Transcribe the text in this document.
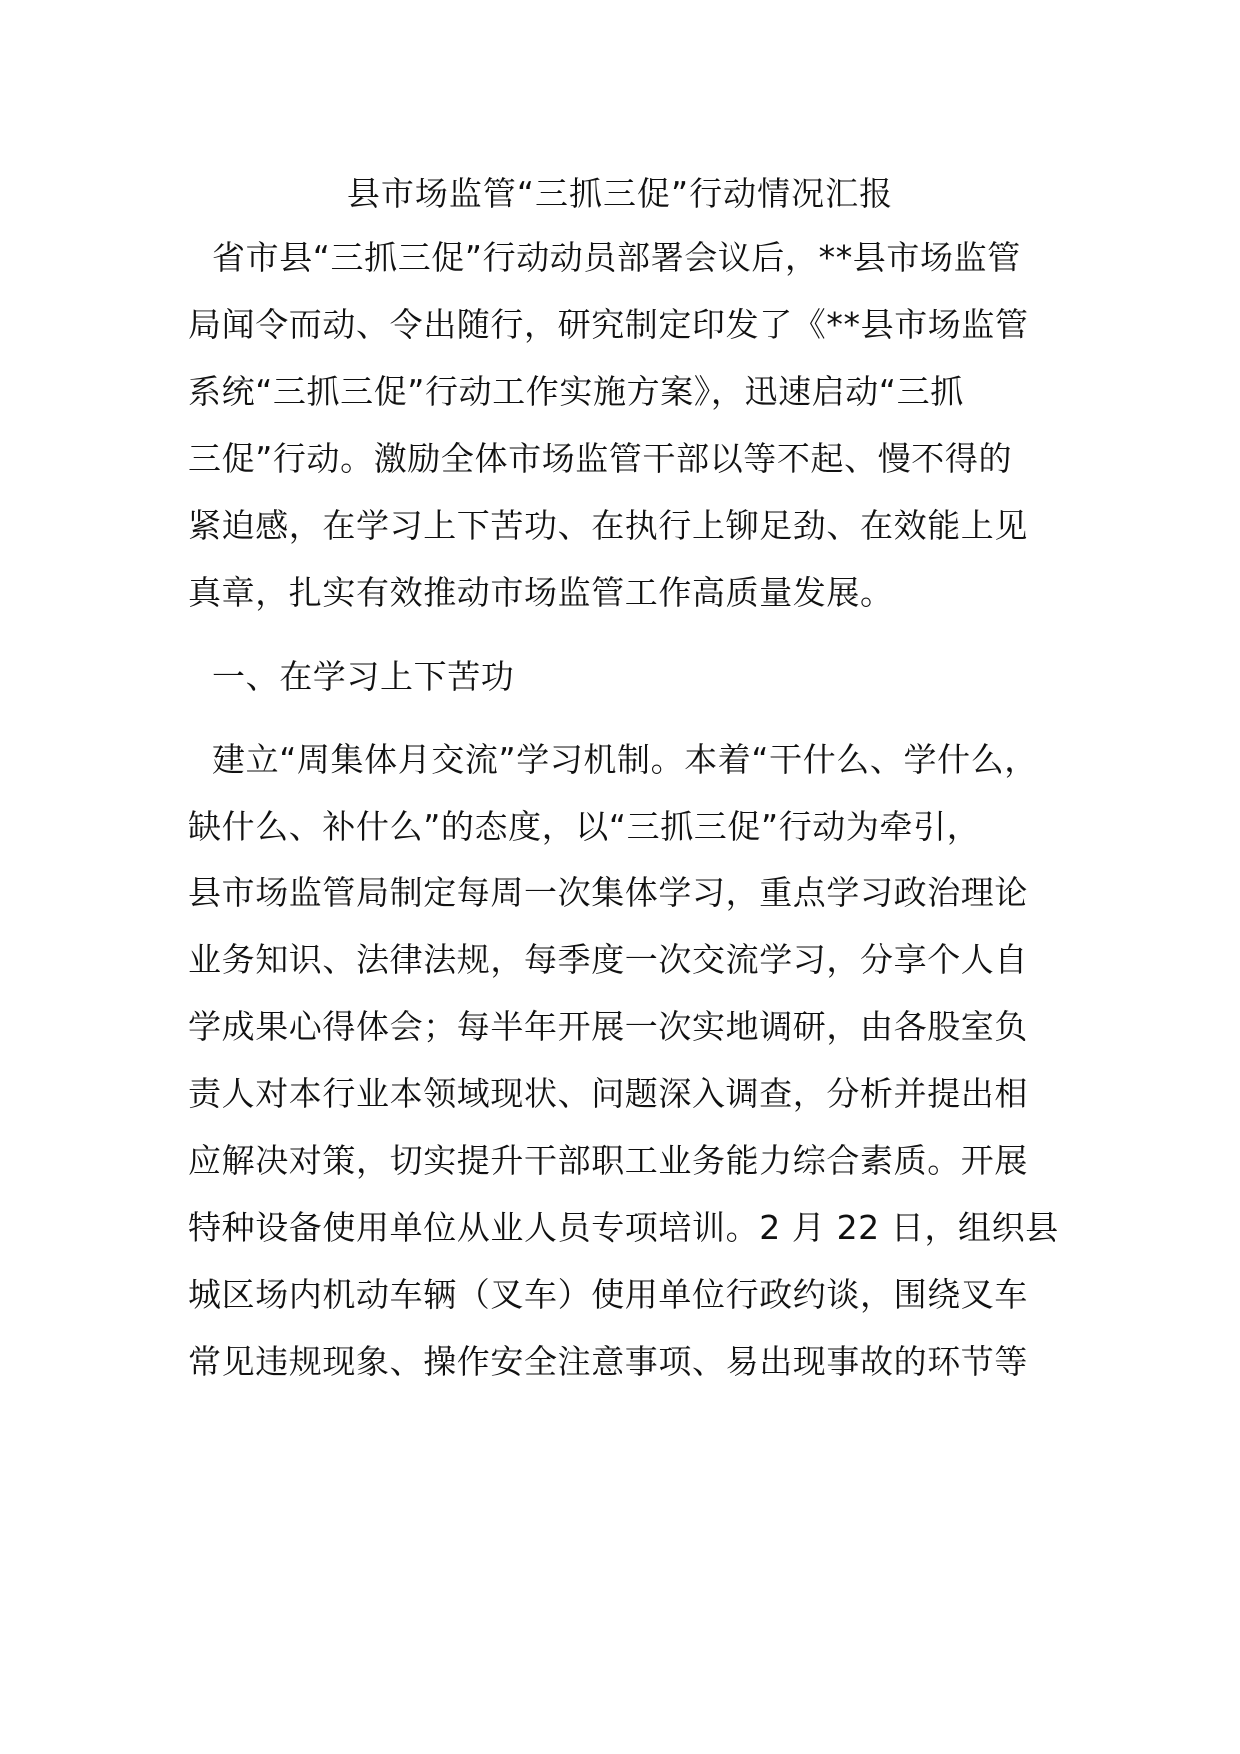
县市场监管“三抓三促”行动情况汇报
省市县“三抓三促”行动动员部署会议后，**县市场监管
局闻令而动、令出随行，研究制定印发了《**县市场监管
系统“三抓三促”行动工作实施方案》，迅速启动“三抓
三促”行动。激励全体市场监管干部以等不起、慢不得的
紧迫感，在学习上下苦功、在执行上铆足劲、在效能上见
真章，扎实有效推动市场监管工作高质量发展。
一、在学习上下苦功
建立“周集体月交流”学习机制。本着“干什么、学什么，
缺什么、补什么”的态度，以“三抓三促”行动为牵引，
县市场监管局制定每周一次集体学习，重点学习政治理论
业务知识、法律法规，每季度一次交流学习，分享个人自
学成果心得体会；每半年开展一次实地调研，由各股室负
责人对本行业本领域现状、问题深入调查，分析并提出相
应解决对策，切实提升干部职工业务能力综合素质。开展
特种设备使用单位从业人员专项培训。2 月 22 日，组织县
城区场内机动车辆（叉车）使用单位行政约谈，围绕叉车
常见违规现象、操作安全注意事项、易出现事故的环节等
